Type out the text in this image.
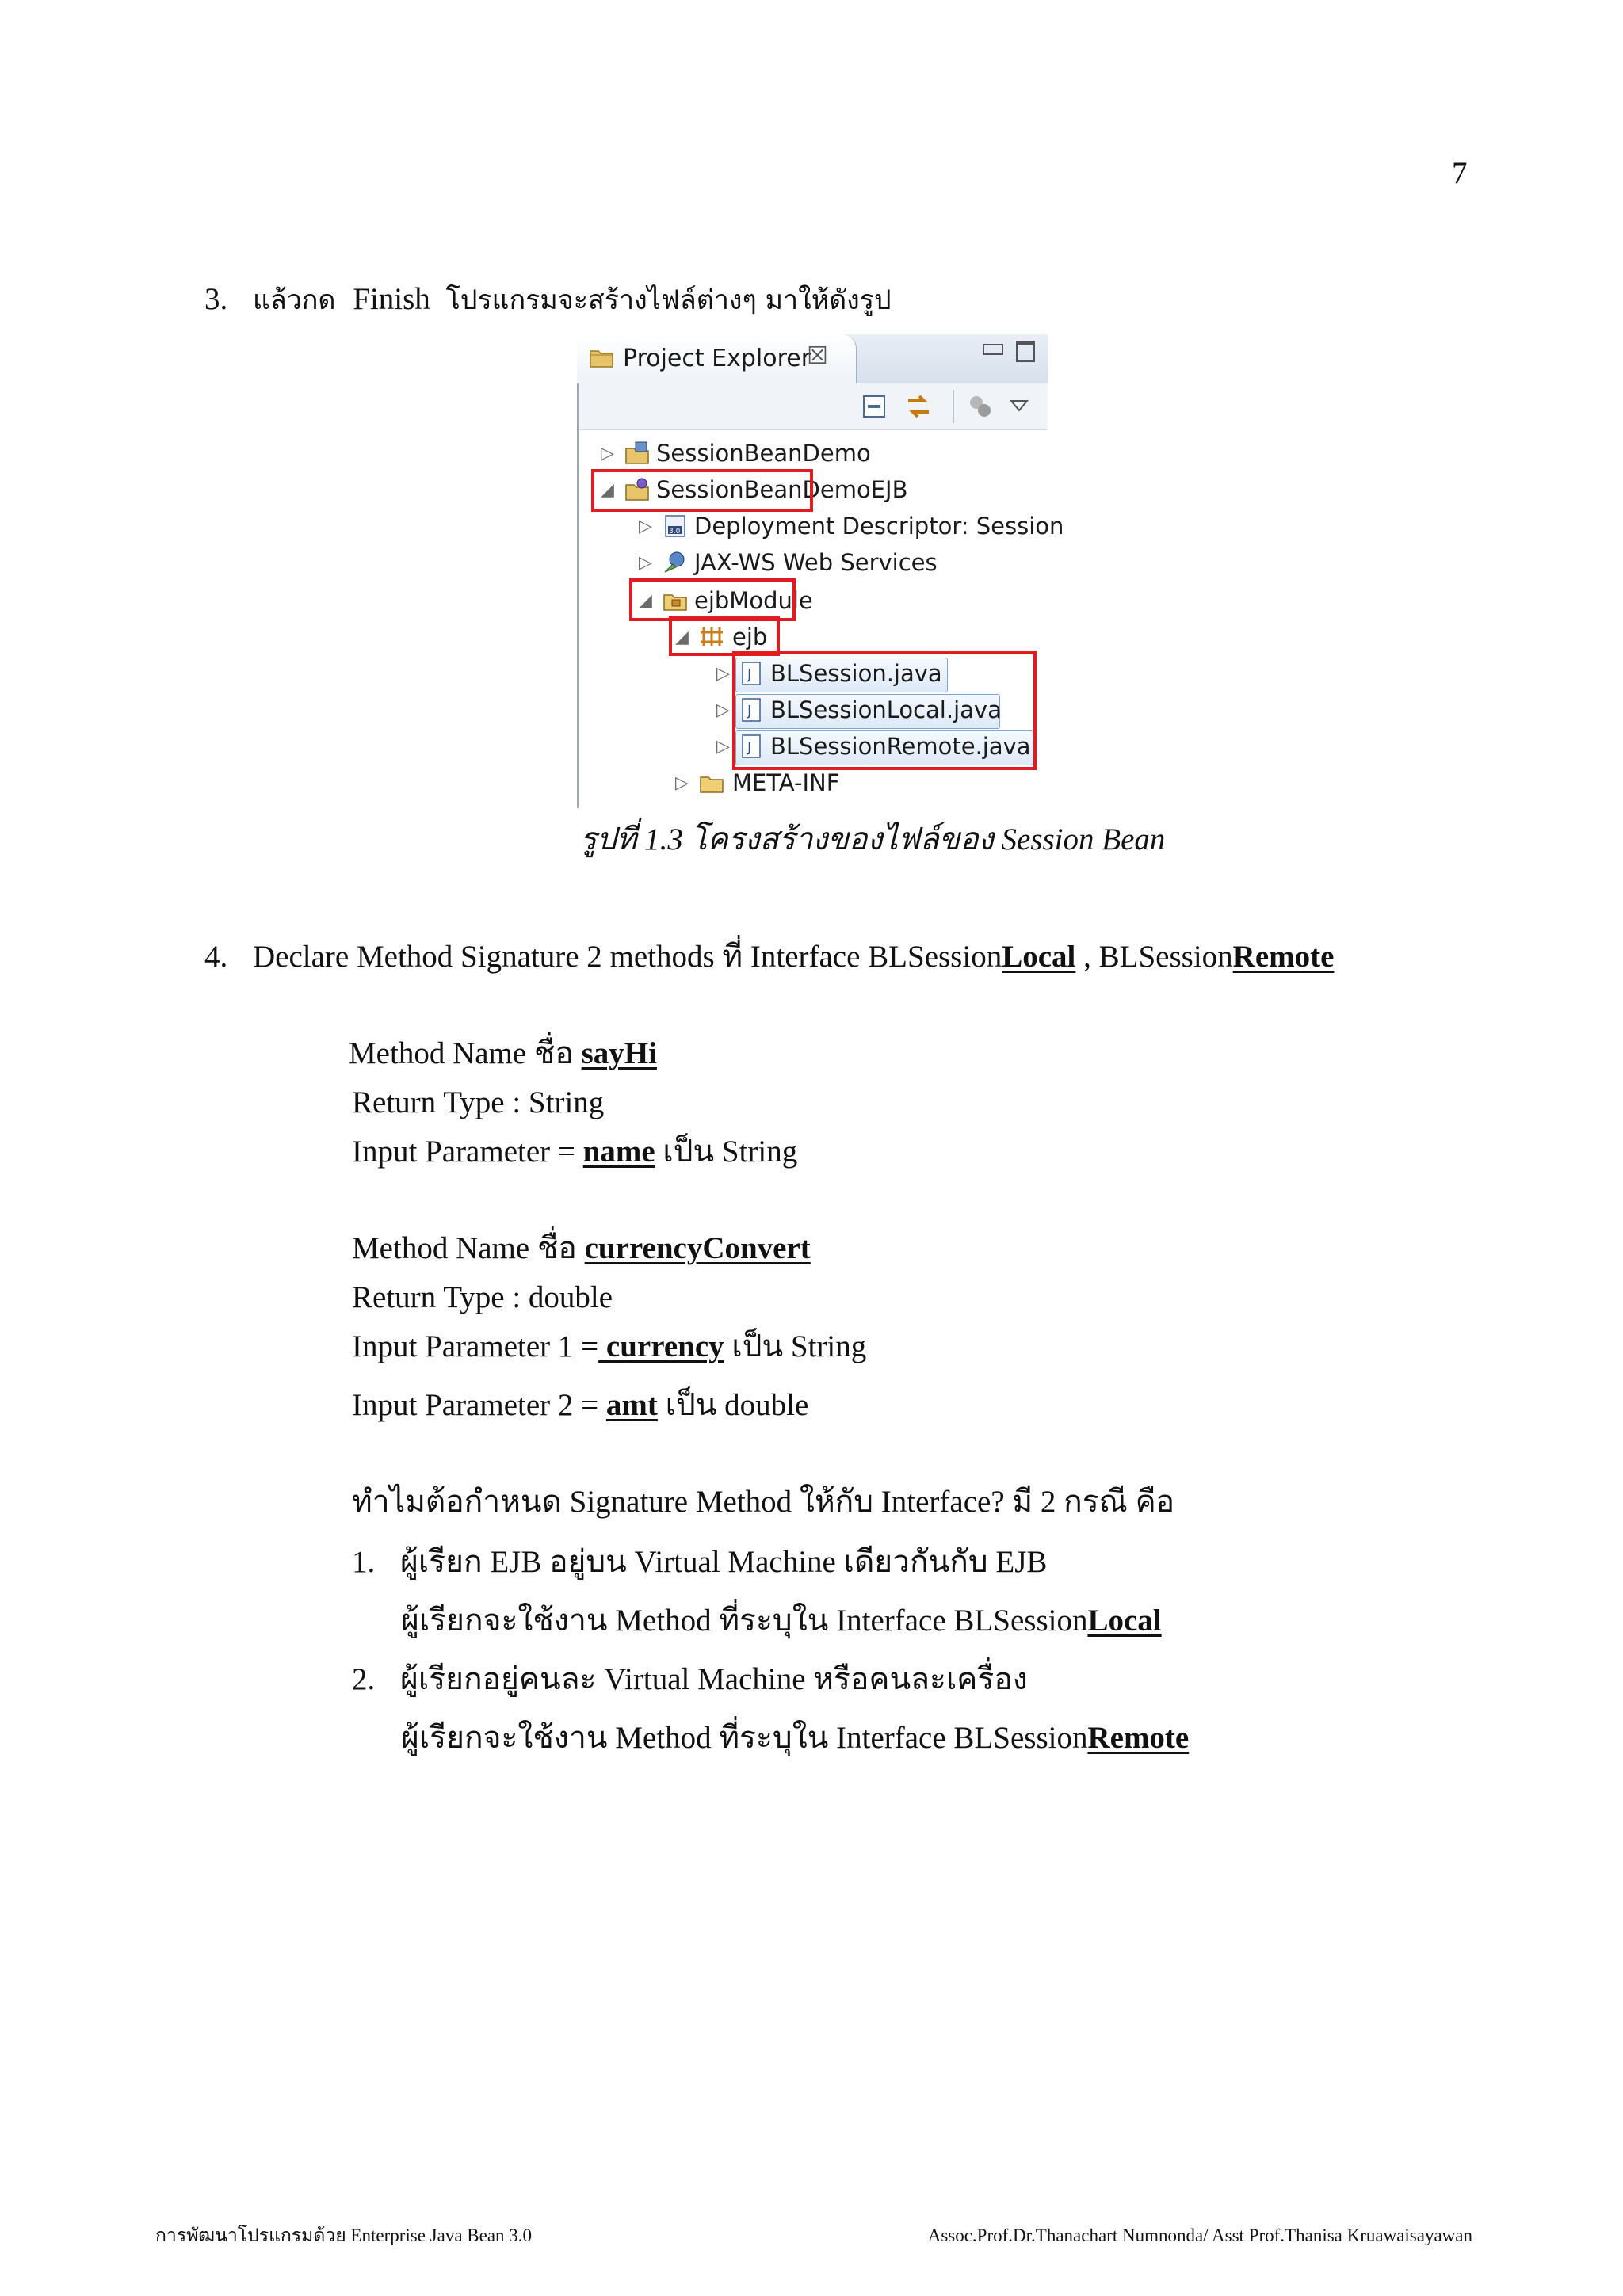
7
3. แล้วกด Finish โปรแกรมจะสร้างไฟล์ต่างๆ มาให้ดังรูป
Project Explorer
☒
▷ SessionBeanDemo
◢ SessionBeanDemoEJB
▷ 3.0 Deployment Descriptor: Session
▷ JAX-WS Web Services
◢ ejbModule
◢ ejb
▷ J BLSession.java
▷ J BLSessionLocal.java
▷ J BLSessionRemote.java
▷ META-INF
รูปที่ 1.3 โครงสร้างของไฟล์ของ Session Bean
4. Declare Method Signature 2 methods ที่ Interface BLSessionLocal , BLSessionRemote
Method Name ชื่อ sayHi
Return Type : String
Input Parameter = name เป็น String
Method Name ชื่อ currencyConvert
Return Type : double
Input Parameter 1 = currency เป็น String
Input Parameter 2 = amt เป็น double
ทำไมต้อกำหนด Signature Method ให้กับ Interface? มี 2 กรณี คือ
1. ผู้เรียก EJB อยู่บน Virtual Machine เดียวกันกับ EJB
ผู้เรียกจะใช้งาน Method ที่ระบุใน Interface BLSessionLocal
2. ผู้เรียกอยู่คนละ Virtual Machine หรือคนละเครื่อง
ผู้เรียกจะใช้งาน Method ที่ระบุใน Interface BLSessionRemote
การพัฒนาโปรแกรมด้วย Enterprise Java Bean 3.0	Assoc.Prof.Dr.Thanachart Numnonda/ Asst Prof.Thanisa Kruawaisayawan
